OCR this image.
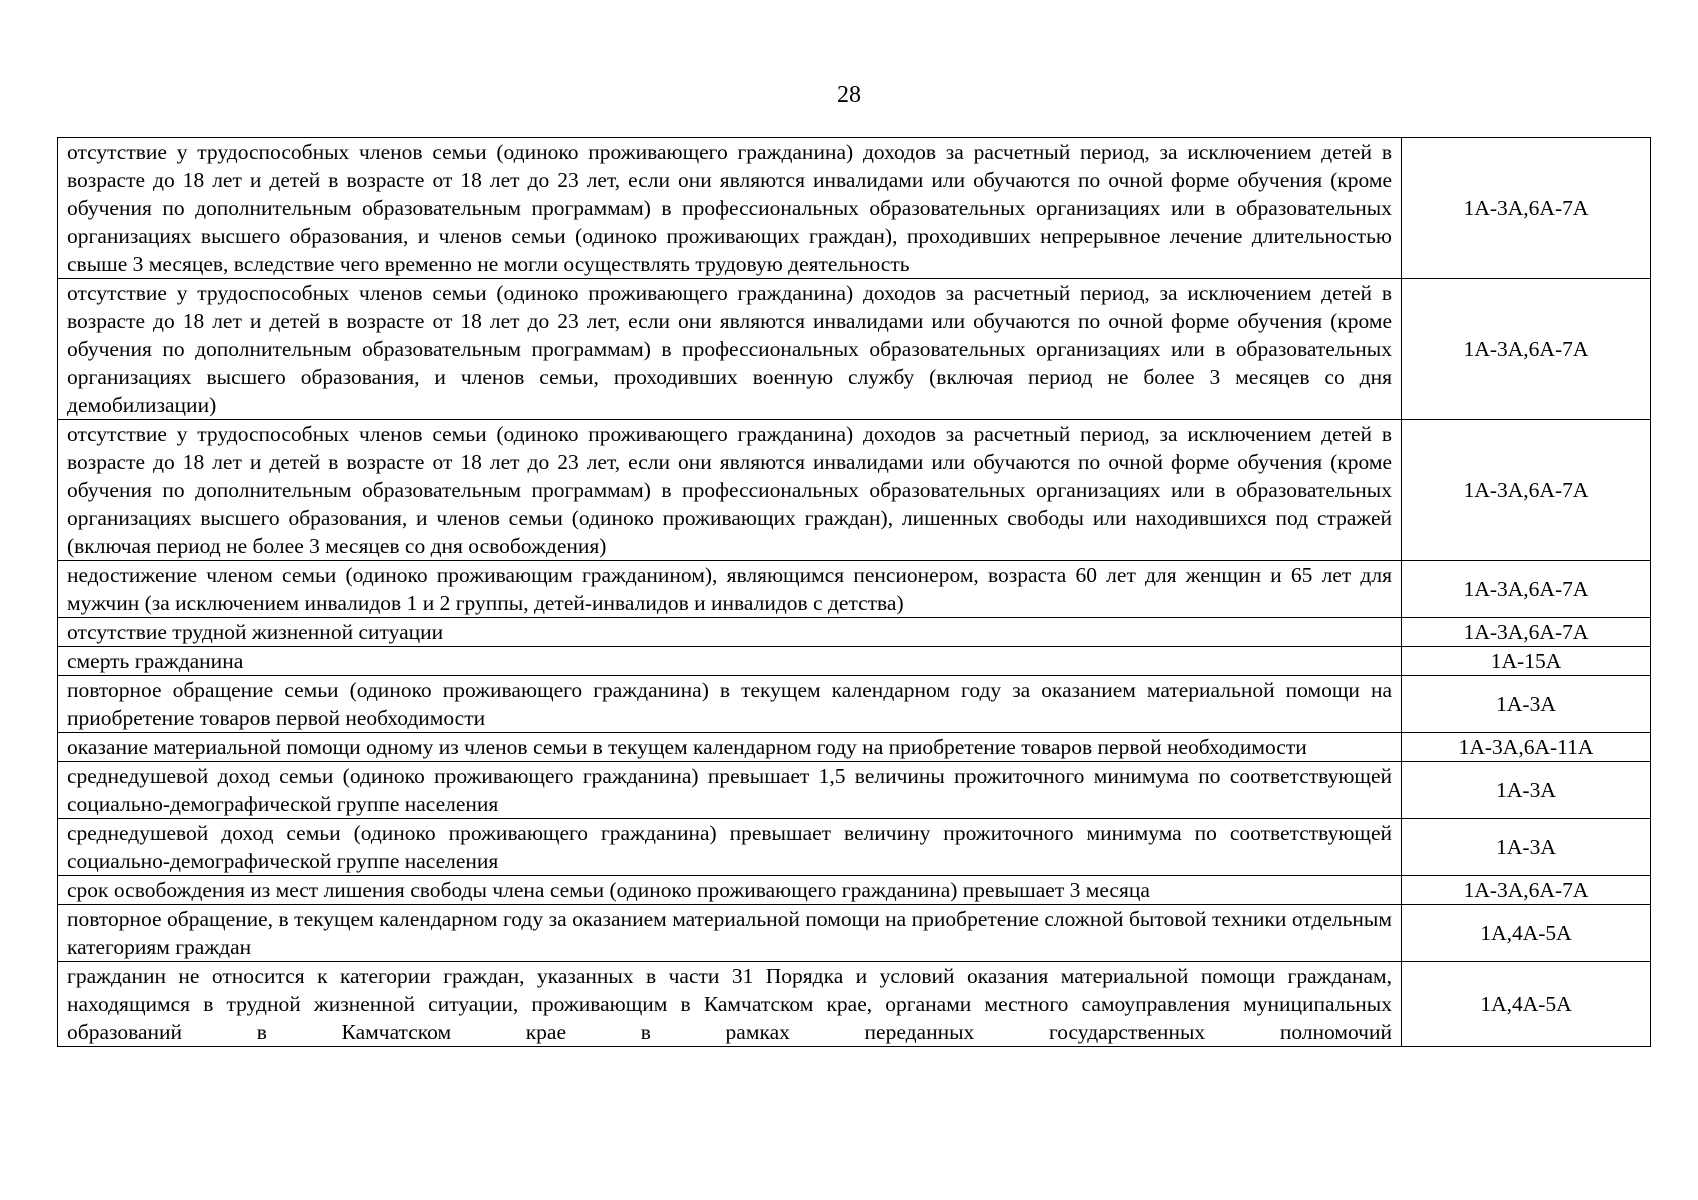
28
отсутствие у трудоспособных членов семьи (одиноко проживающего гражданина) доходов за расчетный период, за исключением детей в возрасте до 18 лет и детей в возрасте от 18 лет до 23 лет, если они являются инвалидами или обучаются по очной форме обучения (кроме обучения по дополнительным образовательным программам) в профессиональных образовательных организациях или в образовательных организациях высшего образования, и членов семьи (одиноко проживающих граждан), проходивших непрерывное лечение длительностью свыше 3 месяцев, вследствие чего временно не могли осуществлять трудовую деятельность	1А-3А,6А-7А
отсутствие у трудоспособных членов семьи (одиноко проживающего гражданина) доходов за расчетный период, за исключением детей в возрасте до 18 лет и детей в возрасте от 18 лет до 23 лет, если они являются инвалидами или обучаются по очной форме обучения (кроме обучения по дополнительным образовательным программам) в профессиональных образовательных организациях или в образовательных организациях высшего образования, и членов семьи, проходивших военную службу (включая период не более 3 месяцев со дня демобилизации)	1А-3А,6А-7А
отсутствие у трудоспособных членов семьи (одиноко проживающего гражданина) доходов за расчетный период, за исключением детей в возрасте до 18 лет и детей в возрасте от 18 лет до 23 лет, если они являются инвалидами или обучаются по очной форме обучения (кроме обучения по дополнительным образовательным программам) в профессиональных образовательных организациях или в образовательных организациях высшего образования, и членов семьи (одиноко проживающих граждан), лишенных свободы или находившихся под стражей (включая период не более 3 месяцев со дня освобождения)	1А-3А,6А-7А
недостижение членом семьи (одиноко проживающим гражданином), являющимся пенсионером, возраста 60 лет для женщин и 65 лет для мужчин (за исключением инвалидов 1 и 2 группы, детей-инвалидов и инвалидов с детства)	1А-3А,6А-7А
отсутствие трудной жизненной ситуации	1А-3А,6А-7А
смерть гражданина	1А-15А
повторное обращение семьи (одиноко проживающего гражданина) в текущем календарном году за оказанием материальной помощи на приобретение товаров первой необходимости	1А-3А
оказание материальной помощи одному из членов семьи в текущем календарном году на приобретение товаров первой необходимости	1А-3А,6А-11А
среднедушевой доход семьи (одиноко проживающего гражданина) превышает 1,5 величины прожиточного минимума по соответствующей социально-демографической группе населения	1А-3А
среднедушевой доход семьи (одиноко проживающего гражданина) превышает величину прожиточного минимума по соответствующей социально-демографической группе населения	1А-3А
срок освобождения из мест лишения свободы члена семьи (одиноко проживающего гражданина) превышает 3 месяца	1А-3А,6А-7А
повторное обращение, в текущем календарном году за оказанием материальной помощи на приобретение сложной бытовой техники отдельным категориям граждан	1А,4А-5А

гражданин не относится к категории граждан, указанных в части 31 Порядка и условий оказания материальной помощи гражданам, находящимся в трудной жизненной ситуации, проживающим в Камчатском крае, органами местного самоуправления муниципальных образований в Камчатском крае в рамках переданных государственных полномочий	1А,4А-5А
